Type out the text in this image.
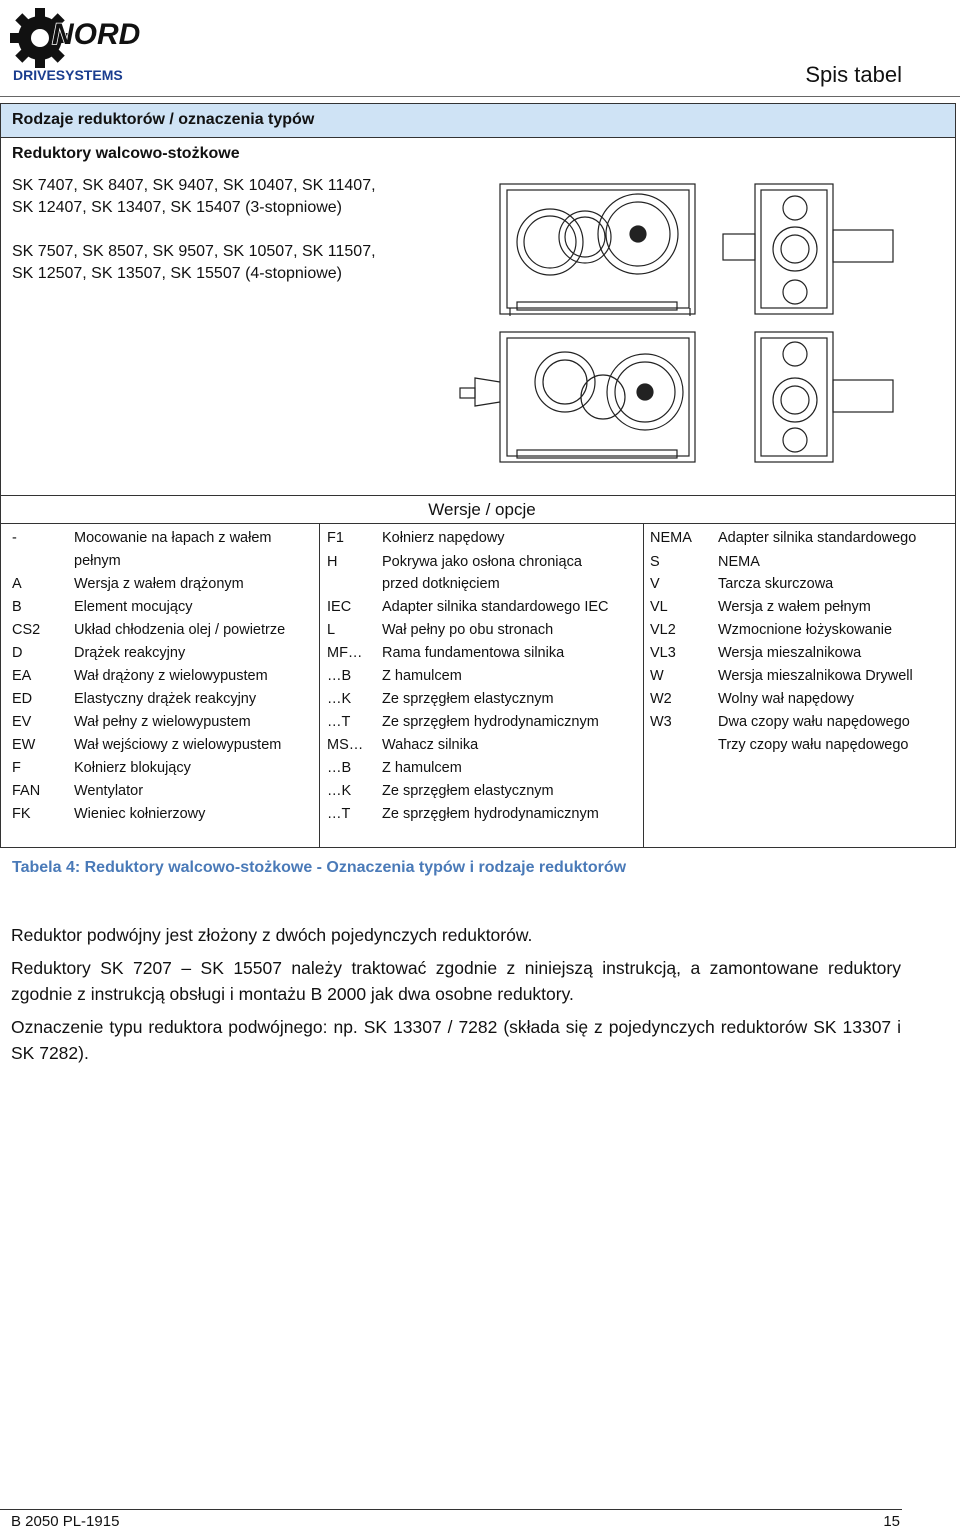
NORD
DRIVESYSTEMS	Spis tabel
Rodzaje reduktorów / oznaczenia typów
Reduktory walcowo-stożkowe
SK 7407, SK 8407, SK 9407, SK 10407, SK 11407,
SK 12407, SK 13407, SK 15407 (3-stopniowe)
SK 7507, SK 8507, SK 9507, SK 10507, SK 11507,
SK 12507, SK 13507, SK 15507 (4-stopniowe)
Wersje / opcje
-	Mocowanie na łapach z wałem
pełnym
A	Wersja z wałem drążonym
B	Element mocujący
CS2 Układ chłodzenia olej / powietrze
D	Drążek reakcyjny
EA	Wał drążony z wielowypustem
ED	Elastyczny drążek reakcyjny
EV	Wał pełny z wielowypustem
EW	Wał wejściowy z wielowypustem
F	Kołnierz blokujący
FAN Wentylator
FK	Wieniec kołnierzowy
F1	Kołnierz napędowy
H	Pokrywa jako osłona chroniąca
przed dotknięciem
IEC Adapter silnika standardowego IEC
L	Wał pełny po obu stronach
MF… Rama fundamentowa silnika
…B Z hamulcem
…K Ze sprzęgłem elastycznym
…T Ze sprzęgłem hydrodynamicznym
MS… Wahacz silnika
…B Z hamulcem
…K Ze sprzęgłem elastycznym
…T Ze sprzęgłem hydrodynamicznym
NEMA Adapter silnika standardowego
S	NEMA
V	Tarcza skurczowa
VL	Wersja z wałem pełnym
VL2	Wzmocnione łożyskowanie
VL3	Wersja mieszalnikowa
W	Wersja mieszalnikowa Drywell
W2	Wolny wał napędowy
W3	Dwa czopy wału napędowego
Trzy czopy wału napędowego
Tabela 4: Reduktory walcowo-stożkowe - Oznaczenia typów i rodzaje reduktorów
Reduktor podwójny jest złożony z dwóch pojedynczych reduktorów.
Reduktory SK 7207 – SK 15507 należy traktować zgodnie z niniejszą instrukcją, a zamontowane reduktory zgodnie z instrukcją obsługi i montażu B 2000 jak dwa osobne reduktory.
Oznaczenie typu reduktora podwójnego: np. SK 13307 / 7282 (składa się z pojedynczych reduktorów SK 13307 i SK 7282).
B 2050 PL-1915	15
